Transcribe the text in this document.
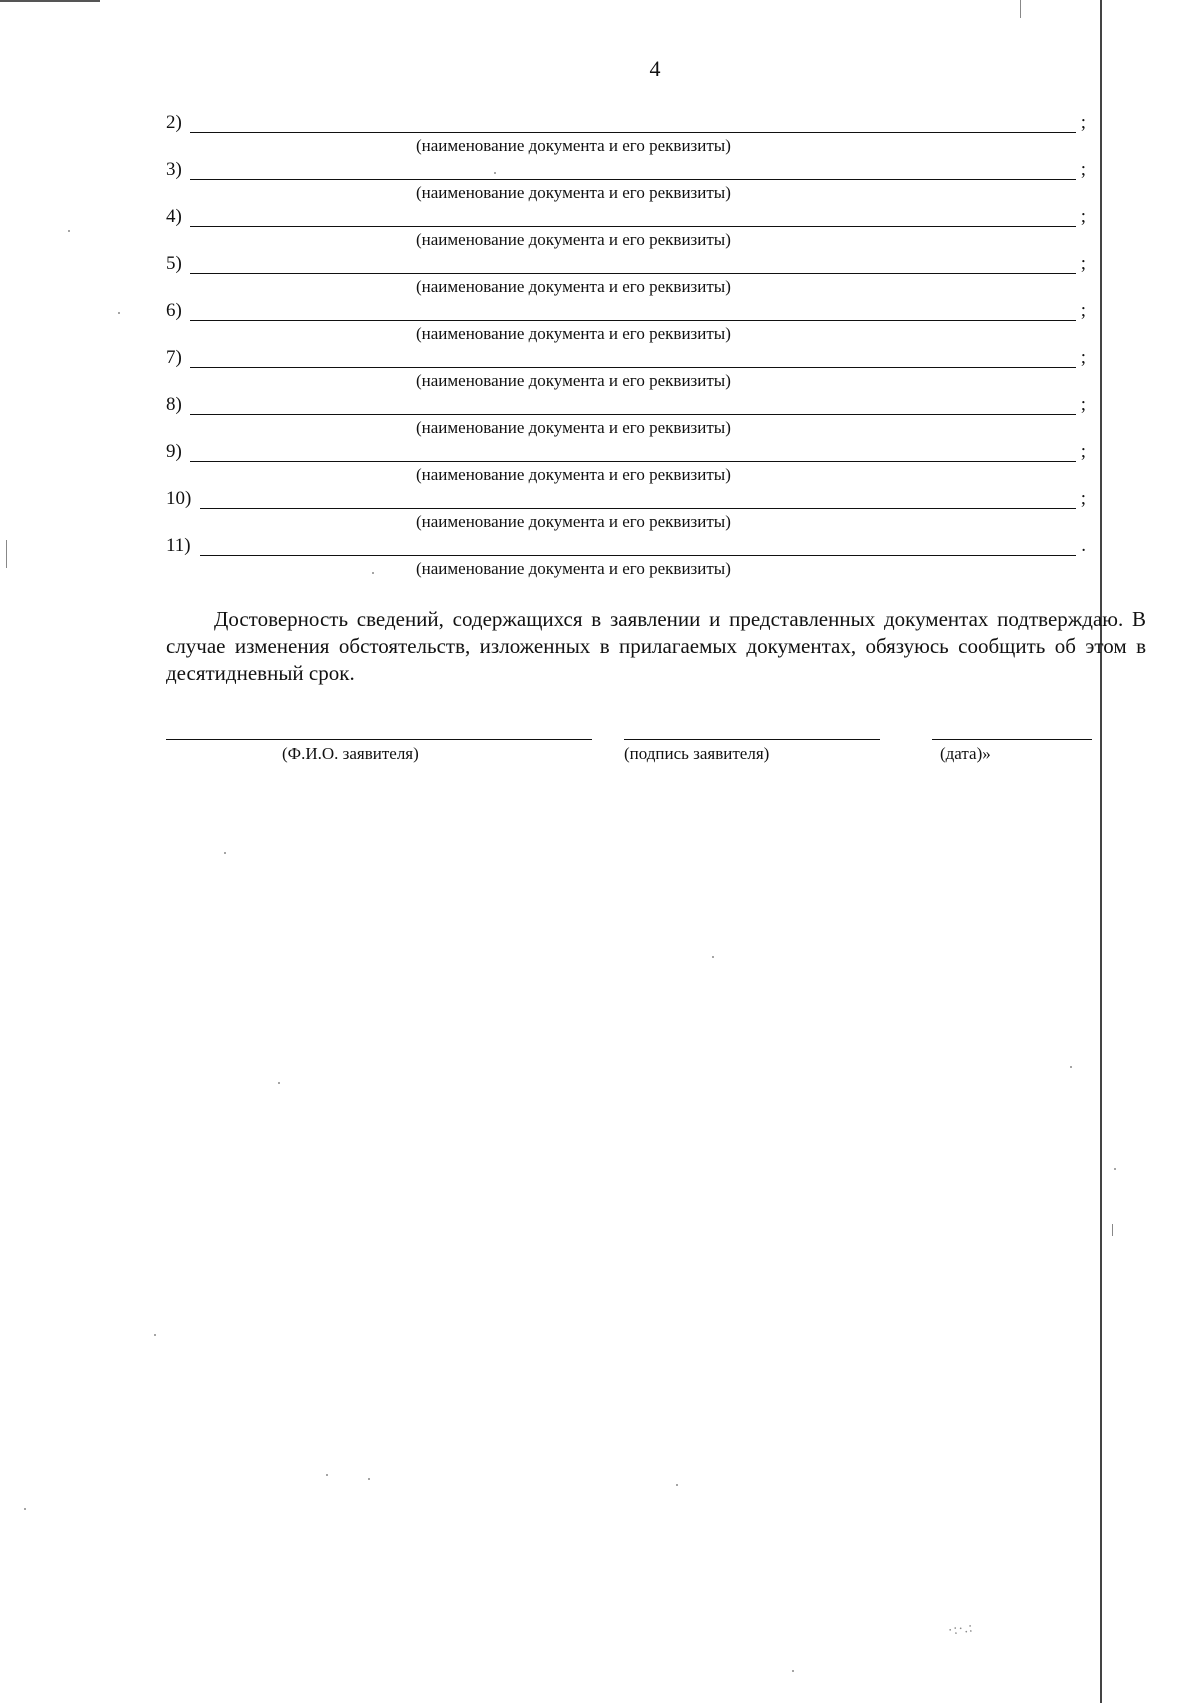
4
2)	;
(наименование документа и его реквизиты)
3)	;
(наименование документа и его реквизиты)
4)	;
(наименование документа и его реквизиты)
5)	;
(наименование документа и его реквизиты)
6)	;
(наименование документа и его реквизиты)
7)	;
(наименование документа и его реквизиты)
8)	;
(наименование документа и его реквизиты)
9)	;
(наименование документа и его реквизиты)
10)	;
(наименование документа и его реквизиты)
11)	.
(наименование документа и его реквизиты)
Достоверность сведений, содержащихся в заявлении и представленных документах подтверждаю. В случае изменения обстоятельств, изложенных в прилагаемых документах, обязуюсь сообщить об этом в десятидневный срок.
(Ф.И.О. заявителя)	(подпись заявителя)	(дата)»
·:·.:
